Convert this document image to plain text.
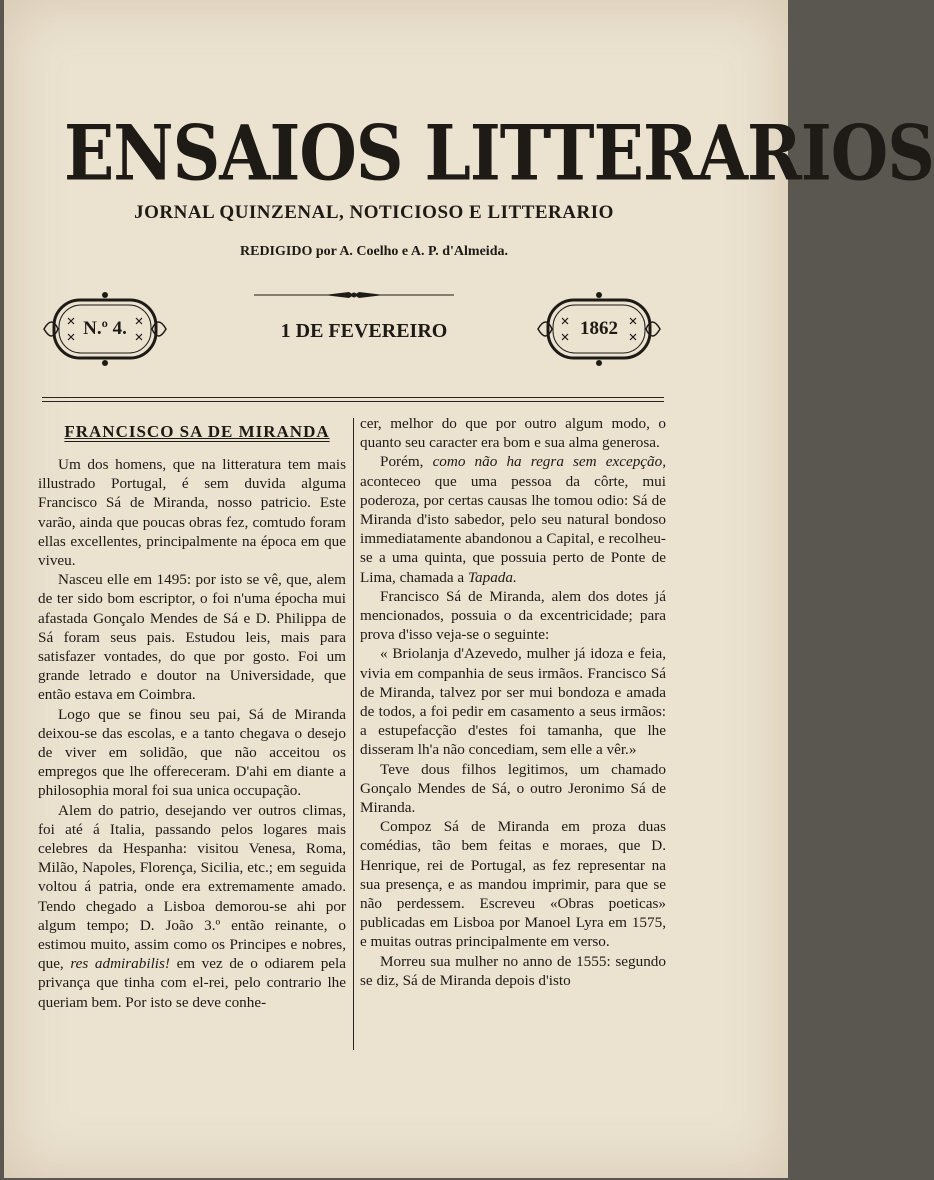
ENSAIOS LITTERARIOS
JORNAL QUINZENAL, NOTICIOSO E LITTERARIO
REDIGIDO por A. Coelho e A. P. d'Almeida.
N.º 4.	1 DE FEVEREIRO	1862
FRANCISCO SA DE MIRANDA

Um dos homens, que na litteratura tem mais illustrado Portugal, é sem duvida alguma Francisco Sá de Miranda, nosso patricio. Este varão, ainda que poucas obras fez, comtudo foram ellas excellentes, principalmente na época em que viveu.

Nasceu elle em 1495: por isto se vê, que, alem de ter sido bom escriptor, o foi n'uma épocha mui afastada Gonçalo Mendes de Sá e D. Philippa de Sá foram seus pais. Estudou leis, mais para satisfazer vontades, do que por gosto. Foi um grande letrado e doutor na Universidade, que então estava em Coimbra.

Logo que se finou seu pai, Sá de Miranda deixou-se das escolas, e a tanto chegava o desejo de viver em solidão, que não acceitou os empregos que lhe offereceram. D'ahi em diante a philosophia moral foi sua unica occupação.

Alem do patrio, desejando ver outros climas, foi até á Italia, passando pelos logares mais celebres da Hespanha: visitou Venesa, Roma, Milão, Napoles, Florença, Sicilia, etc.; em seguida voltou á patria, onde era extremamente amado. Tendo chegado a Lisboa demorou-se ahi por algum tempo; D. João 3.º então reinante, o estimou muito, assim como os Principes e nobres, que, res admirabilis! em vez de o odiarem pela privança que tinha com el-rei, pelo contrario lhe queriam bem. Por isto se deve conhe-

cer, melhor do que por outro algum modo, o quanto seu caracter era bom e sua alma generosa.

Porém, como não ha regra sem excepção, aconteceo que uma pessoa da côrte, mui poderoza, por certas causas lhe tomou odio: Sá de Miranda d'isto sabedor, pelo seu natural bondoso immediatamente abandonou a Capital, e recolheu-se a uma quinta, que possuia perto de Ponte de Lima, chamada a Tapada.

Francisco Sá de Miranda, alem dos dotes já mencionados, possuia o da excentricidade; para prova d'isso veja-se o seguinte:

« Briolanja d'Azevedo, mulher já idoza e feia, vivia em companhia de seus irmãos. Francisco Sá de Miranda, talvez por ser mui bondoza e amada de todos, a foi pedir em casamento a seus irmãos: a estupefacção d'estes foi tamanha, que lhe disseram lh'a não concediam, sem elle a vêr.»

Teve dous filhos legitimos, um chamado Gonçalo Mendes de Sá, o outro Jeronimo Sá de Miranda.

Compoz Sá de Miranda em proza duas comédias, tão bem feitas e moraes, que D. Henrique, rei de Portugal, as fez representar na sua presença, e as mandou imprimir, para que se não perdessem. Escreveu «Obras poeticas» publicadas em Lisboa por Manoel Lyra em 1575, e muitas outras principalmente em verso.

Morreu sua mulher no anno de 1555: segundo se diz, Sá de Miranda depois d'isto
